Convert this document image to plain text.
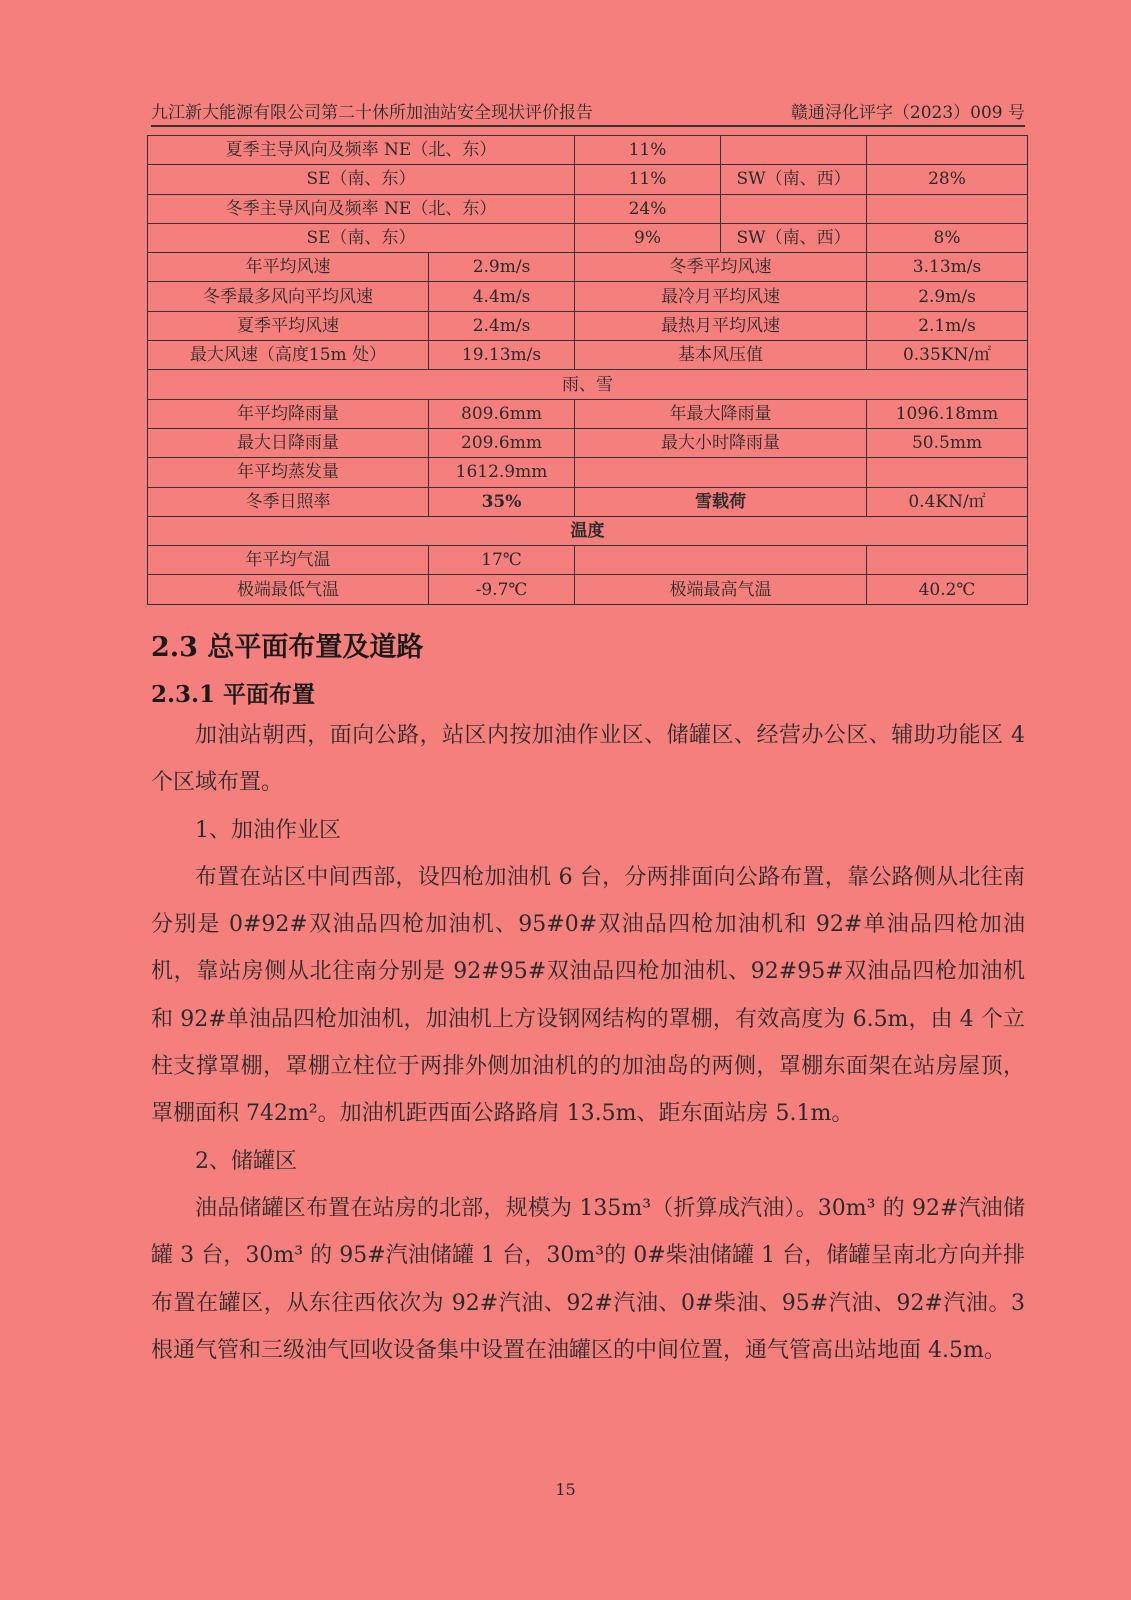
九江新大能源有限公司第二十休所加油站安全现状评价报告	赣通浔化评字（2023）009 号
夏季主导风向及频率 NE（北、东）		11%		
SE（南、东）		11%	SW（南、西）	28%
冬季主导风向及频率 NE（北、东）		24%		
SE（南、东）		9%	SW（南、西）	8%
年平均风速	2.9m/s	冬季平均风速		3.13m/s
冬季最多风向平均风速	4.4m/s	最冷月平均风速		2.9m/s
夏季平均风速	2.4m/s	最热月平均风速		2.1m/s
最大风速（高度15m 处）	19.13m/s	基本风压值		0.35KN/㎡
雨、雪				
年平均降雨量	809.6mm	年最大降雨量		1096.18mm
最大日降雨量	209.6mm	最大小时降雨量		50.5mm
年平均蒸发量	1612.9mm			
冬季日照率	35%	雪载荷		0.4KN/㎡
温度				
年平均气温	17℃			
极端最低气温	-9.7℃	极端最高气温		40.2℃
2.3 总平面布置及道路
2.3.1 平面布置

加油站朝西，面向公路，站区内按加油作业区、储罐区、经营办公区、辅助功能区 4 个区域布置。

1、加油作业区

布置在站区中间西部，设四枪加油机 6 台，分两排面向公路布置，靠公路侧从北往南分别是 0#92#双油品四枪加油机、95#0#双油品四枪加油机和 92#单油品四枪加油机，靠站房侧从北往南分别是 92#95#双油品四枪加油机、92#95#双油品四枪加油机和 92#单油品四枪加油机，加油机上方设钢网结构的罩棚，有效高度为 6.5m，由 4 个立柱支撑罩棚，罩棚立柱位于两排外侧加油机的的加油岛的两侧，罩棚东面架在站房屋顶，罩棚面积 742m²。加油机距西面公路路肩 13.5m、距东面站房 5.1m。

2、储罐区

油品储罐区布置在站房的北部，规模为 135m³（折算成汽油）。30m³ 的 92#汽油储罐 3 台，30m³ 的 95#汽油储罐 1 台，30m³的 0#柴油储罐 1 台，储罐呈南北方向并排布置在罐区，从东往西依次为 92#汽油、92#汽油、0#柴油、95#汽油、92#汽油。3 根通气管和三级油气回收设备集中设置在油罐区的中间位置，通气管高出站地面 4.5m。

15
